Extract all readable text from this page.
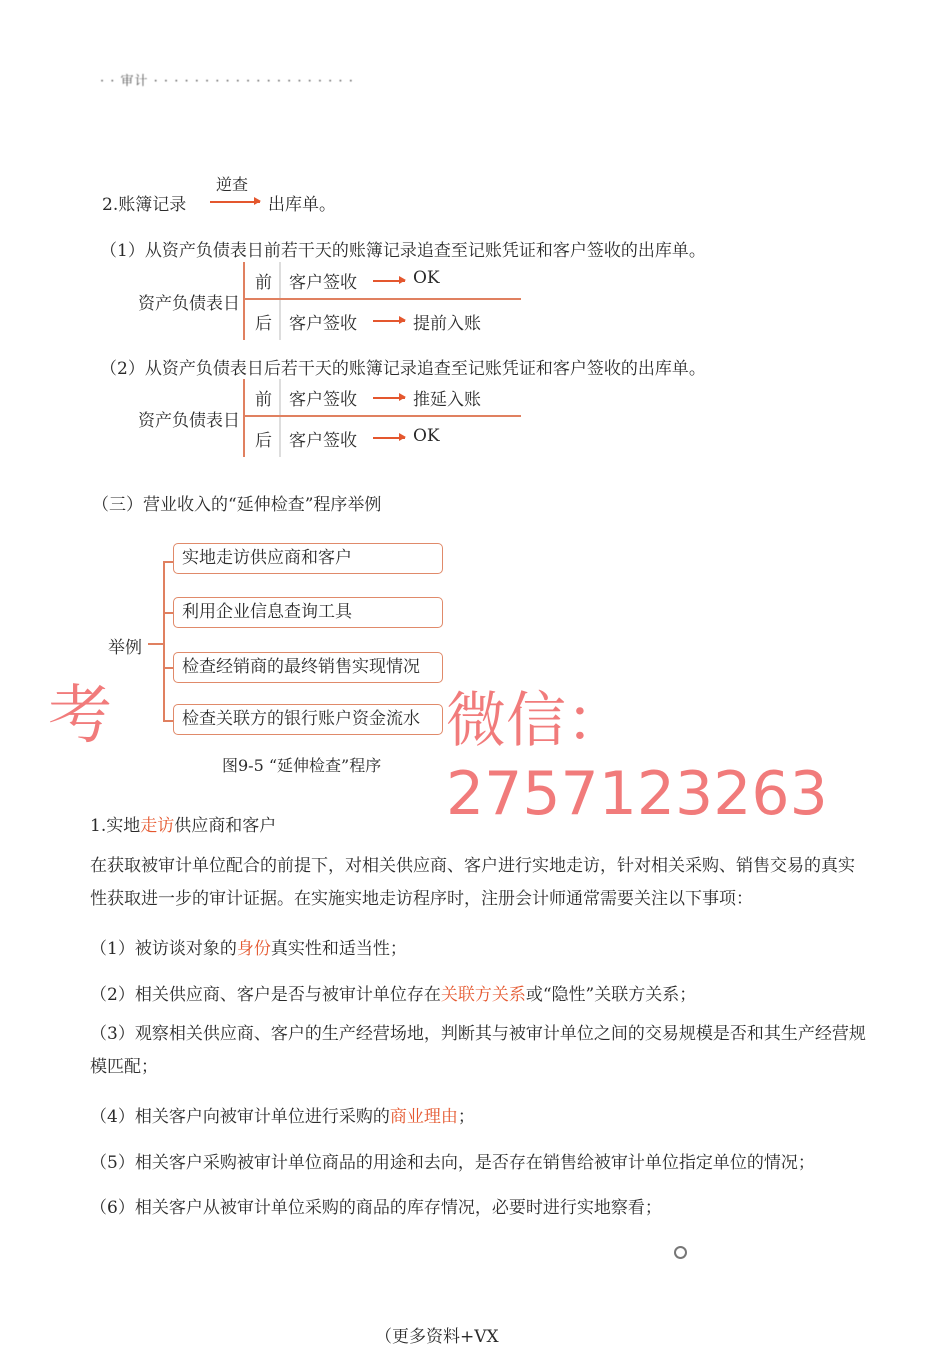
· · 审计 · · · · · · · · · · · · · · · · · · · ·
2.账簿记录
逆查
出库单。
（1）从资产负债表日前若干天的账簿记录追查至记账凭证和客户签收的出库单。
资产负债表日
前 客户签收	OK
后 客户签收	提前入账
（2）从资产负债表日后若干天的账簿记录追查至记账凭证和客户签收的出库单。
资产负债表日
前 客户签收	推延入账
后 客户签收	OK
（三）营业收入的“延伸检查”程序举例
举例
实地走访供应商和客户
利用企业信息查询工具
检查经销商的最终销售实现情况
检查关联方的银行账户资金流水
图9-5 “延伸检查”程序
考	微信：2757123263
1.实地走访供应商和客户
在获取被审计单位配合的前提下，对相关供应商、客户进行实地走访，针对相关采购、销售交易的真实性获取进一步的审计证据。在实施实地走访程序时，注册会计师通常需要关注以下事项：
（1）被访谈对象的身份真实性和适当性；
（2）相关供应商、客户是否与被审计单位存在关联方关系或“隐性”关联方关系；
（3）观察相关供应商、客户的生产经营场地，判断其与被审计单位之间的交易规模是否和其生产经营规模匹配；
（4）相关客户向被审计单位进行采购的商业理由；
（5）相关客户采购被审计单位商品的用途和去向，是否存在销售给被审计单位指定单位的情况；
（6）相关客户从被审计单位采购的商品的库存情况，必要时进行实地察看；
（更多资料+VX
